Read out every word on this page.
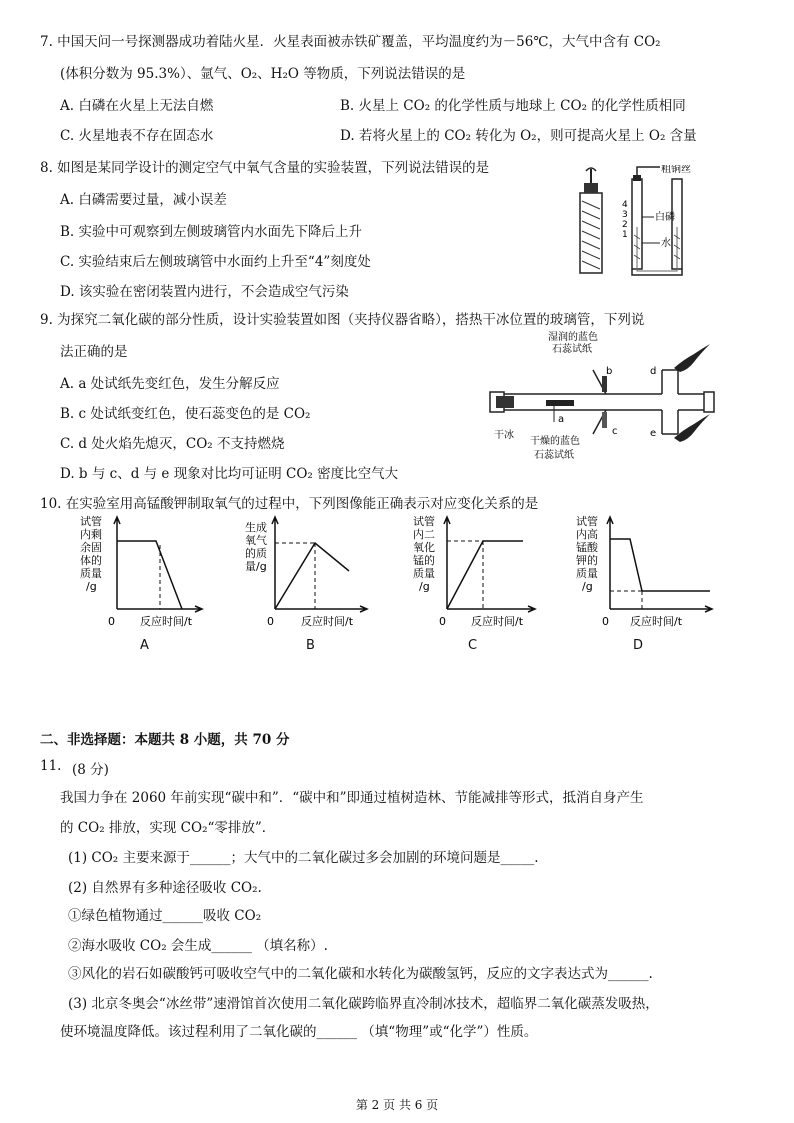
7. 中国天问一号探测器成功着陆火星．火星表面被赤铁矿覆盖，平均温度约为－56℃，大气中含有 CO₂
(体积分数为 95.3%）、氩气、O₂、H₂O 等物质，下列说法错误的是
A. 白磷在火星上无法自燃	B. 火星上 CO₂ 的化学性质与地球上 CO₂ 的化学性质相同
C. 火星地表不存在固态水	D. 若将火星上的 CO₂ 转化为 O₂，则可提高火星上 O₂ 含量
8. 如图是某同学设计的测定空气中氧气含量的实验装置，下列说法错误的是
A. 白磷需要过量，减小误差
B. 实验中可观察到左侧玻璃管内水面先下降后上升
C. 实验结束后左侧玻璃管中水面约上升至“4”刻度处
D. 该实验在密闭装置内进行，不会造成空气污染
粗铜丝
白磷
水
4
3
2
1
9. 为探究二氧化碳的部分性质，设计实验装置如图（夹持仪器省略），搭热干冰位置的玻璃管，下列说
法正确的是
A. a 处试纸先变红色，发生分解反应
B. c 处试纸变红色，使石蕊变色的是 CO₂
C. d 处火焰先熄灭，CO₂ 不支持燃烧
D. b 与 c、d 与 e 现象对比均可证明 CO₂ 密度比空气大
湿润的蓝色
石蕊试纸
干冰
干燥的蓝色
石蕊试纸
a
b
c
d
e
10. 在实验室用高锰酸钾制取氧气的过程中，下列图像能正确表示对应变化关系的是
试管
内剩
余固
体的
质量
/g
0 反应时间/t
A
生成
氧气
的质
量/g
0 反应时间/t
B
试管
内二
氧化
锰的
质量
/g
0 反应时间/t
C
试管
内高
锰酸
钾的
质量
/g
0 反应时间/t
D
二、非选择题：本题共 8 小题，共 70 分
11. (8 分)
我国力争在 2060 年前实现“碳中和”．“碳中和”即通过植树造林、节能减排等形式，抵消自身产生
的 CO₂ 排放，实现 CO₂“零排放”．
(1) CO₂ 主要来源于______；大气中的二氧化碳过多会加剧的环境问题是_____.
(2) 自然界有多种途径吸收 CO₂.
①绿色植物通过______吸收 CO₂
②海水吸收 CO₂ 会生成______ （填名称）.
③风化的岩石如碳酸钙可吸收空气中的二氧化碳和水转化为碳酸氢钙，反应的文字表达式为______.
(3) 北京冬奥会“冰丝带”速滑馆首次使用二氧化碳跨临界直冷制冰技术，超临界二氧化碳蒸发吸热，
使环境温度降低。该过程利用了二氧化碳的______ （填“物理”或“化学”）性质。
第 2 页 共 6 页
